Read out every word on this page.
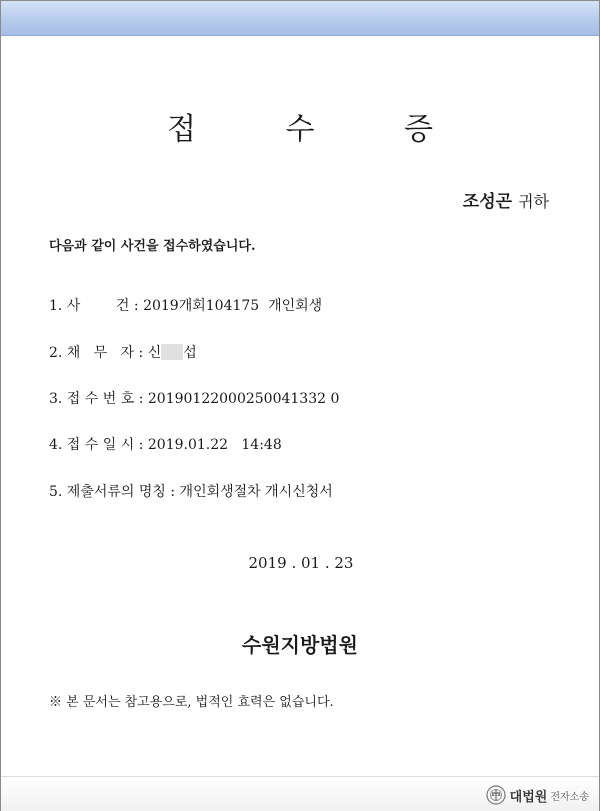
접 수 증
조성곤 귀하
다음과 같이 사건을 접수하였습니다.
1. 사        건 : 2019개회104175  개인회생
2. 채   무   자 : 신 섭
3. 접 수 번 호 : 20190122000250041332 0
4. 접 수 일 시 : 2019.01.22   14:48
5. 제출서류의 명칭 : 개인회생절차 개시신청서
2019 . 01 . 23
수원지방법원
※ 본 문서는 참고용으로, 법적인 효력은 없습니다.
대법원 전자소송
